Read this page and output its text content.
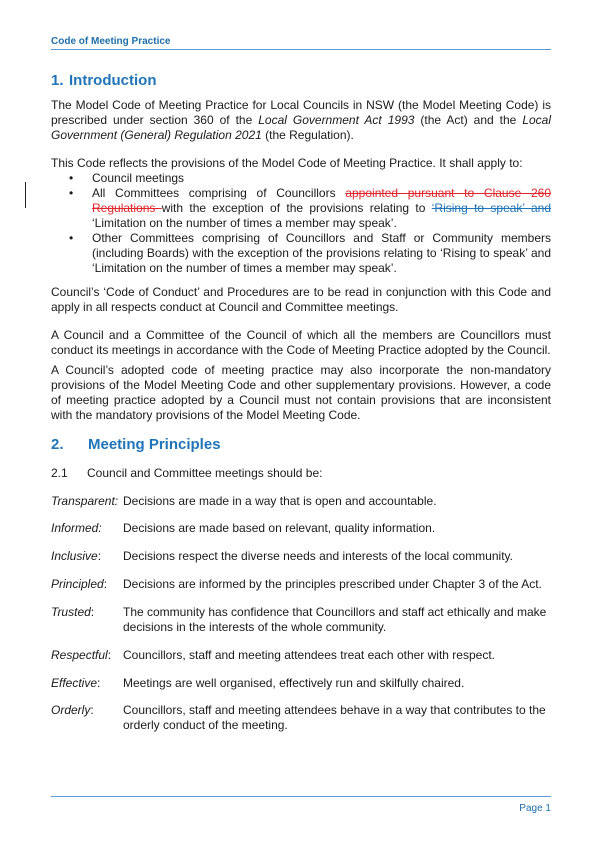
Code of Meeting Practice
1. Introduction
The Model Code of Meeting Practice for Local Councils in NSW (the Model Meeting Code) is prescribed under section 360 of the Local Government Act 1993 (the Act) and the Local Government (General) Regulation 2021 (the Regulation).
This Code reflects the provisions of the Model Code of Meeting Practice. It shall apply to:
• Council meetings
• All Committees comprising of Councillors appointed pursuant to Clause 260 Regulations with the exception of the provisions relating to ‘Rising to speak’ and ‘Limitation on the number of times a member may speak’.
• Other Committees comprising of Councillors and Staff or Community members (including Boards) with the exception of the provisions relating to ‘Rising to speak’ and ‘Limitation on the number of times a member may speak’.
Council’s ‘Code of Conduct’ and Procedures are to be read in conjunction with this Code and apply in all respects conduct at Council and Committee meetings.
A Council and a Committee of the Council of which all the members are Councillors must conduct its meetings in accordance with the Code of Meeting Practice adopted by the Council.
A Council’s adopted code of meeting practice may also incorporate the non-mandatory provisions of the Model Meeting Code and other supplementary provisions. However, a code of meeting practice adopted by a Council must not contain provisions that are inconsistent with the mandatory provisions of the Model Meeting Code.
2. Meeting Principles
2.1 Council and Committee meetings should be:
Transparent: Decisions are made in a way that is open and accountable.
Informed: Decisions are made based on relevant, quality information.
Inclusive: Decisions respect the diverse needs and interests of the local community.
Principled: Decisions are informed by the principles prescribed under Chapter 3 of the Act.
Trusted: The community has confidence that Councillors and staff act ethically and make decisions in the interests of the whole community.
Respectful: Councillors, staff and meeting attendees treat each other with respect.
Effective: Meetings are well organised, effectively run and skilfully chaired.
Orderly: Councillors, staff and meeting attendees behave in a way that contributes to the orderly conduct of the meeting.
Page 1
